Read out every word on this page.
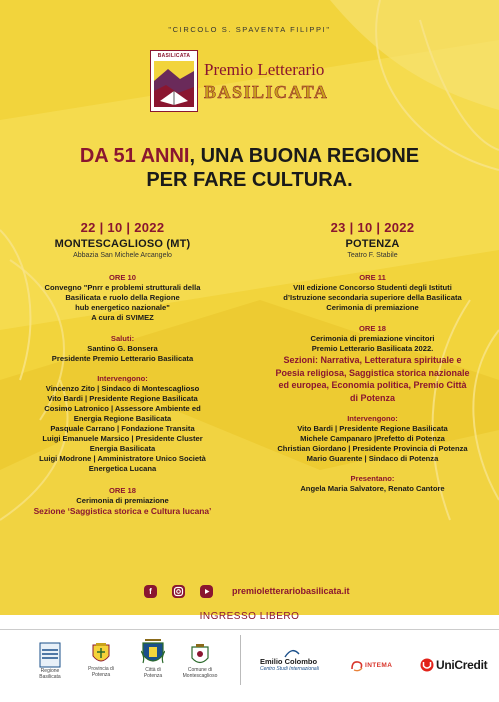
"CIRCOLO S. SPAVENTA FILIPPI"
BASILICATA
Premio Letterario
BASILICATA
DA 51 ANNI, UNA BUONA REGIONE
PER FARE CULTURA.
22 | 10 | 2022
MONTESCAGLIOSO (MT)
Abbazia San Michele Arcangelo
ORE 10
Convegno "Pnrr e problemi strutturali della
Basilicata e ruolo della Regione
hub energetico nazionale"
A cura di SVIMEZ
Saluti:
Santino G. Bonsera
Presidente Premio Letterario Basilicata
Intervengono:
Vincenzo Zito | Sindaco di Montescaglioso
Vito Bardi | Presidente Regione Basilicata
Cosimo Latronico | Assessore Ambiente ed
Energia Regione Basilicata
Pasquale Carrano | Fondazione Transita
Luigi Emanuele Marsico | Presidente Cluster
Energia Basilicata
Luigi Modrone | Amministratore Unico Società
Energetica Lucana
ORE 18
Cerimonia di premiazione
Sezione ‘Saggistica storica e Cultura lucana’
23 | 10 | 2022
POTENZA
Teatro F. Stabile
ORE 11
VIII edizione Concorso Studenti degli Istituti
d’Istruzione secondaria superiore della Basilicata
Cerimonia di premiazione
ORE 18
Cerimonia di premiazione vincitori
Premio Letterario Basilicata 2022.
Sezioni: Narrativa, Letteratura spirituale e
Poesia religiosa, Saggistica storica nazionale
ed europea, Economia politica, Premio Città
di Potenza
Intervengono:
Vito Bardi | Presidente Regione Basilicata
Michele Campanaro |Prefetto di Potenza
Christian Giordano | Presidente Provincia di Potenza
Mario Guarente | Sindaco di Potenza
Presentano:
Angela Maria Salvatore, Renato Cantore
f	premioletterariobasilicata.it
INGRESSO LIBERO
Regione
Basilicata
Provincia di
Potenza
Città di
Potenza
Comune di
Montescaglioso
Emilio Colombo
Centro Studi Internazionali	INTEMA	UniCredit
